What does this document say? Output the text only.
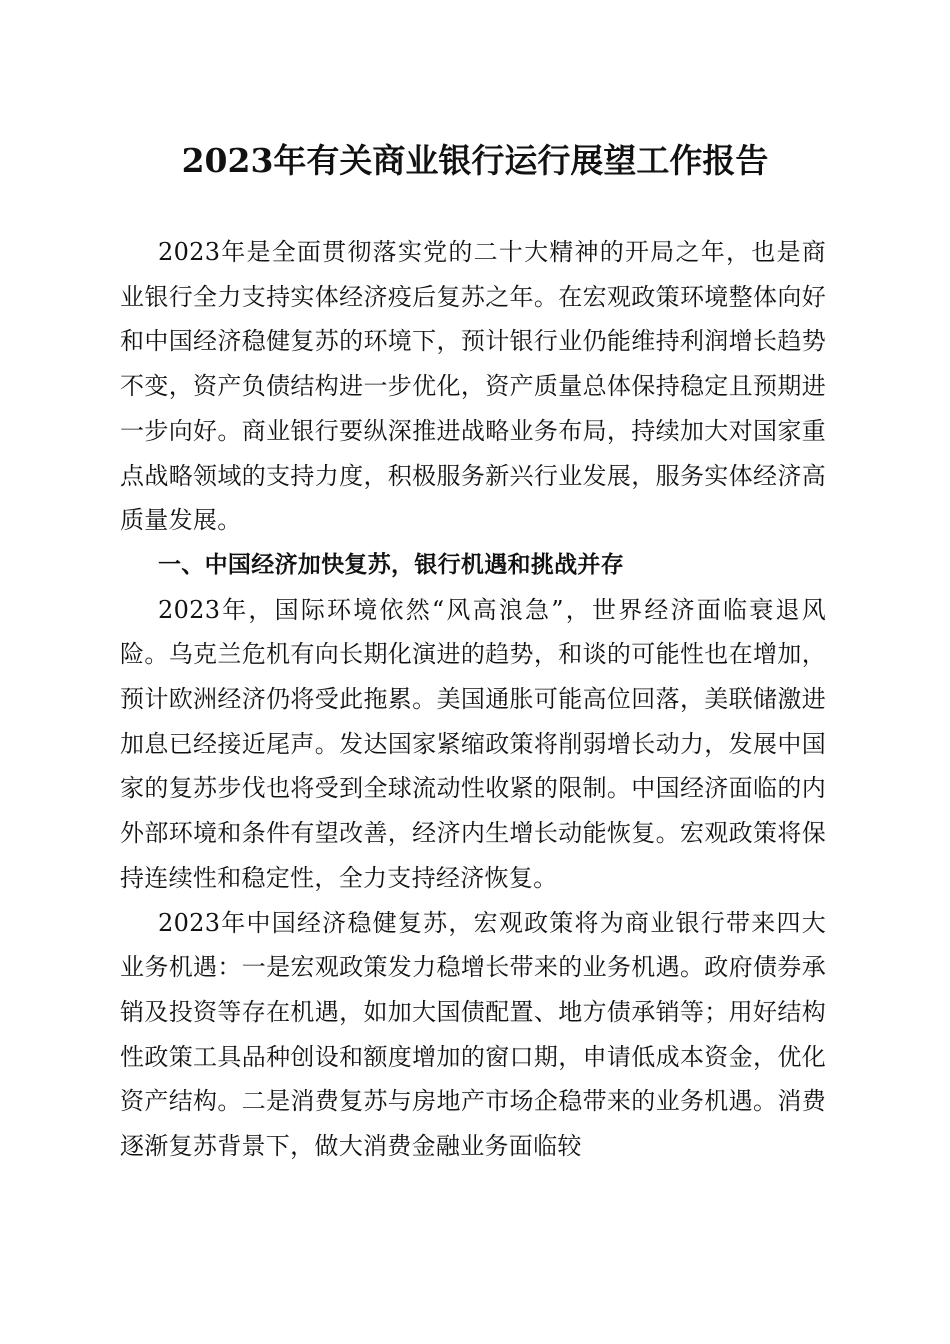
2023年有关商业银行运行展望工作报告

2023年是全面贯彻落实党的二十大精神的开局之年，也是商业银行全力支持实体经济疫后复苏之年。在宏观政策环境整体向好和中国经济稳健复苏的环境下，预计银行业仍能维持利润增长趋势不变，资产负债结构进一步优化，资产质量总体保持稳定且预期进一步向好。商业银行要纵深推进战略业务布局，持续加大对国家重点战略领域的支持力度，积极服务新兴行业发展，服务实体经济高质量发展。

一、中国经济加快复苏，银行机遇和挑战并存

2023年，国际环境依然“风高浪急”，世界经济面临衰退风险。乌克兰危机有向长期化演进的趋势，和谈的可能性也在增加，预计欧洲经济仍将受此拖累。美国通胀可能高位回落，美联储激进加息已经接近尾声。发达国家紧缩政策将削弱增长动力，发展中国家的复苏步伐也将受到全球流动性收紧的限制。中国经济面临的内外部环境和条件有望改善，经济内生增长动能恢复。宏观政策将保持连续性和稳定性，全力支持经济恢复。

2023年中国经济稳健复苏，宏观政策将为商业银行带来四大业务机遇：一是宏观政策发力稳增长带来的业务机遇。政府债券承销及投资等存在机遇，如加大国债配置、地方债承销等；用好结构性政策工具品种创设和额度增加的窗口期，申请低成本资金，优化资产结构。二是消费复苏与房地产市场企稳带来的业务机遇。消费逐渐复苏背景下，做大消费金融业务面临较
